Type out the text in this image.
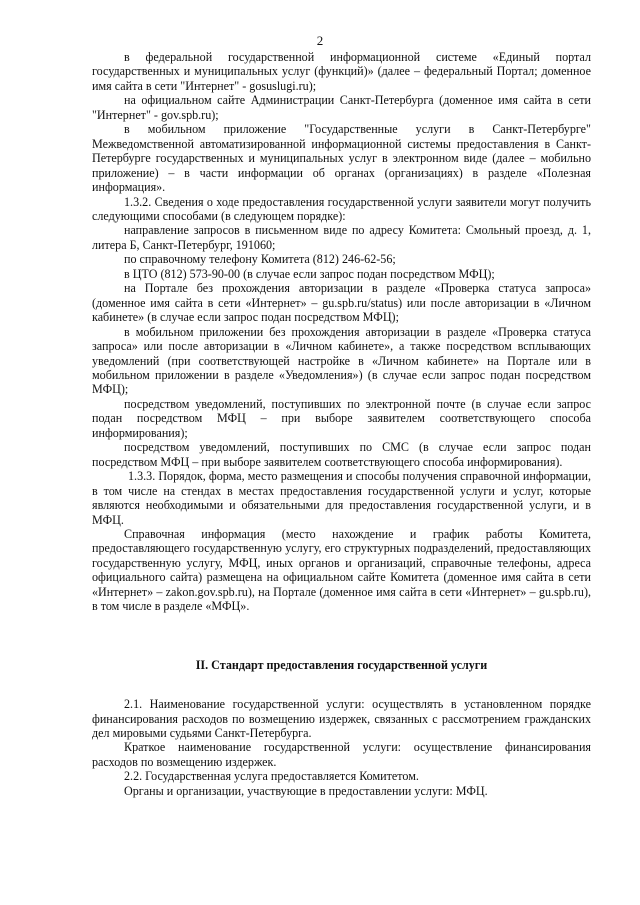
2

в федеральной государственной информационной системе «Единый портал государственных и муниципальных услуг (функций)» (далее – федеральный Портал; доменное имя сайта в сети "Интернет" - gosuslugi.ru);

на официальном сайте Администрации Санкт-Петербурга (доменное имя сайта в сети "Интернет" - gov.spb.ru);

в мобильном приложение "Государственные услуги в Санкт-Петербурге" Межведомственной автоматизированной информационной системы предоставления в Санкт-Петербурге государственных и муниципальных услуг в электронном виде (далее – мобильно приложение) – в части информации об органах (организациях) в разделе «Полезная информация».

1.3.2. Сведения о ходе предоставления государственной услуги заявители могут получить следующими способами (в следующем порядке):

направление запросов в письменном виде по адресу Комитета: Смольный проезд, д. 1, литера Б, Санкт-Петербург, 191060;

по справочному телефону Комитета (812) 246-62-56;

в ЦТО (812) 573-90-00 (в случае если запрос подан посредством МФЦ);

на Портале без прохождения авторизации в разделе «Проверка статуса запроса» (доменное имя сайта в сети «Интернет» – gu.spb.ru/status) или после авторизации в «Личном кабинете» (в случае если запрос подан посредством МФЦ);

в мобильном приложении без прохождения авторизации в разделе «Проверка статуса запроса» или после авторизации в «Личном кабинете», а также посредством всплывающих уведомлений (при соответствующей настройке в «Личном кабинете» на Портале или в мобильном приложении в разделе «Уведомления») (в случае если запрос подан посредством МФЦ);

посредством уведомлений, поступивших по электронной почте (в случае если запрос подан посредством МФЦ – при выборе заявителем соответствующего способа информирования);

посредством уведомлений, поступивших по СМС (в случае если запрос подан посредством МФЦ – при выборе заявителем соответствующего способа информирования).

1.3.3. Порядок, форма, место размещения и способы получения справочной информации, в том числе на стендах в местах предоставления государственной услуги и услуг, которые являются необходимыми и обязательными для предоставления государственной услуги, и в МФЦ.

Справочная информация (место нахождение и график работы Комитета, предоставляющего государственную услугу, его структурных подразделений, предоставляющих государственную услугу, МФЦ, иных органов и организаций, справочные телефоны, адреса официального сайта) размещена на официальном сайте Комитета (доменное имя сайта в сети «Интернет» – zakon.gov.spb.ru), на Портале (доменное имя сайта в сети «Интернет» – gu.spb.ru), в том числе в разделе «МФЦ».

II. Стандарт предоставления государственной услуги

2.1. Наименование государственной услуги: осуществлять в установленном порядке финансирования расходов по возмещению издержек, связанных с рассмотрением гражданских дел мировыми судьями Санкт-Петербурга.

Краткое наименование государственной услуги: осуществление финансирования расходов по возмещению издержек.

2.2. Государственная услуга предоставляется Комитетом.

Органы и организации, участвующие в предоставлении услуги: МФЦ.
